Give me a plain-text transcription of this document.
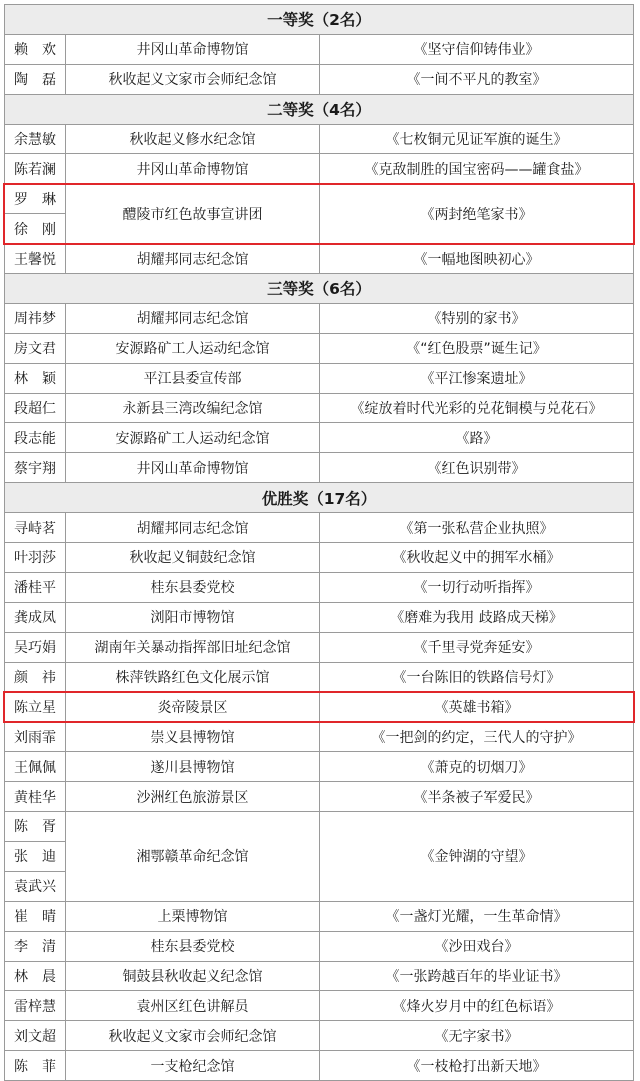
一等奖（2名）		
赖　欢	井冈山革命博物馆	《坚守信仰铸伟业》
陶　磊	秋收起义文家市会师纪念馆	《一间不平凡的教室》
二等奖（4名）		
余慧敏	秋收起义修水纪念馆	《七枚铜元见证军旗的诞生》
陈若澜	井冈山革命博物馆	《克敌制胜的国宝密码——罐食盐》
罗　琳	醴陵市红色故事宣讲团	《两封绝笔家书》
徐　刚		
王馨悦	胡耀邦同志纪念馆	《一幅地图映初心》
三等奖（6名）		
周祎梦	胡耀邦同志纪念馆	《特别的家书》
房文君	安源路矿工人运动纪念馆	《“红色股票”诞生记》
林　颖	平江县委宣传部	《平江惨案遗址》
段超仁	永新县三湾改编纪念馆	《绽放着时代光彩的兑花铜模与兑花石》
段志能	安源路矿工人运动纪念馆	《路》
蔡宇翔	井冈山革命博物馆	《红色识别带》
优胜奖（17名）		
寻峙茗	胡耀邦同志纪念馆	《第一张私营企业执照》
叶羽莎	秋收起义铜鼓纪念馆	《秋收起义中的拥军水桶》
潘桂平	桂东县委党校	《一切行动听指挥》
龚成凤	浏阳市博物馆	《磨难为我用 歧路成天梯》
吴巧娟	湖南年关暴动指挥部旧址纪念馆	《千里寻党奔延安》
颜　祎	株萍铁路红色文化展示馆	《一台陈旧的铁路信号灯》
陈立星	炎帝陵景区	《英雄书箱》
刘雨霏	崇义县博物馆	《一把剑的约定，三代人的守护》
王佩佩	遂川县博物馆	《萧克的切烟刀》
黄桂华	沙洲红色旅游景区	《半条被子军爱民》
陈　胥	湘鄂赣革命纪念馆	《金钟湖的守望》
张　迪		
袁武兴		
崔　晴	上栗博物馆	《一盏灯光耀，一生革命情》
李　清	桂东县委党校	《沙田戏台》
林　晨	铜鼓县秋收起义纪念馆	《一张跨越百年的毕业证书》
雷梓慧	袁州区红色讲解员	《烽火岁月中的红色标语》
刘文超	秋收起义文家市会师纪念馆	《无字家书》
陈　菲	一支枪纪念馆	《一枝枪打出新天地》
